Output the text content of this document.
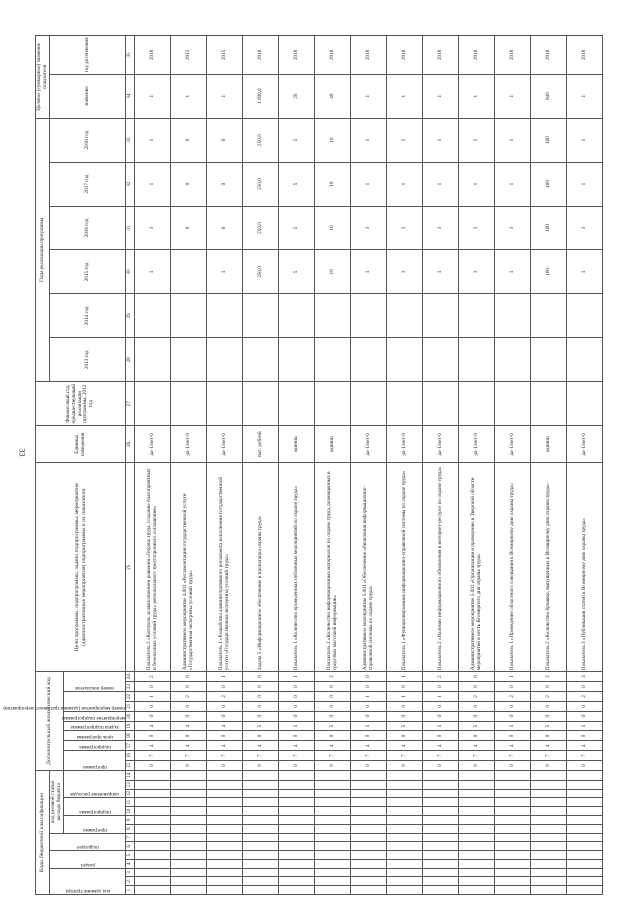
33
Коды бюджетной классификации														Дополнительный аналитический код										Цели программы, подпрограммы, задачи подпрограммы, мероприятия (административные мероприятия) подпрограммы и их показатели	Единица измерения	Финансовый год, предшествующий реализации программы, 2012 год	Годы реализации программы						Целевое (суммарное) значение показателя	

код администратора			раздел		подраздел		код целевой статьи расхода бюджета																				2013 год	2014 год	2015 год	2016 год	2017 год	2018 год	значение	год достижения

							программа		подпрограмма		направление расходов			программа		подпрограмма	цель программы	задача подпрограммы	мероприятие подпрограммы	номер мероприятия (административного мероприятия)		номер показателя												

1	2	3	4	5	6	7	8	9	10	11	12	13	14	15	16	17	18	19	20	21	22	23	24	25	26	27	28	29	30	31	32	33	34	35
														0	7	4	0	4	0	0	1	0	2	Показатель 2 «Контроль за выполнением решения «Охрана труда, создание благоприятных и безопасных условий труда» регионального трехстороннего соглашения»	да-1/нет-0				1	1	1	1	1	2018
														0	7	4	0	4	0	0	2	0	0	Административное мероприятие 4.002 «Регламентация государственной услуги «Государственная экспертиза условий труда»	да-1/нет-0					0	0	0	1	2015
														0	7	4	0	4	0	0	2	0	1	Показатель 1 «Разработка административного регламента исполнения государственной услуги «Государственная экспертиза условий труда»	да-1/нет-0				1	0	0	0	1	2015
														0	7	4	0	5	0	0	0	0	0	Задача 5 «Информационное обеспечение и пропаганда охраны труда»	тыс. рублей				250,0	250,0	250,0	250,0	1 000,0	2018
														0	7	4	0	5	0	0	0	0	1	Показатель 1 «Количество проведенных публичных мероприятий по охране труда»	единиц				5	5	5	5	20	2018
														0	7	4	0	5	0	0	0	0	2	Показатель 2 «Количество информационных материалов по охране труда, размещенных в средствах массовой информации»	единиц				10	10	10	10	40	2018
														0	7	4	0	5	0	0	1	0	0	Административное мероприятие 5.001 «Обеспечение обновления информационно-справочной системы по охране труда»	да-1/нет-0				1	1	1	1	1	2018
														0	7	4	0	5	0	0	1	0	1	Показатель 1 «Функционирование информационно-справочной системы по охране труда»	да-1/нет-0				1	1	1	1	1	2018
														0	7	4	0	5	0	0	1	0	2	Показатель 2 «Наличие информационного обновления в интернет-ресурсе по охране труда»	да-1/нет-0				1	1	1	1	1	2018
														0	7	4	0	5	0	0	2	0	0	Административное мероприятие 5.002 «Организация и проведение в Тверской области мероприятий в честь Всемирного дня охраны труда»	да-1/нет-0				1	1	1	1	1	2018
														0	7	4	0	5	0	0	2	0	1	Показатель 1 «Проведение областного совещания к Всемирному дню охраны труда»	да-1/нет-0				1	1	1	1	1	2018
														0	7	4	0	5	0	0	2	0	2	Показатель 2 «Количество брошюр, выпущенных к Всемирному дню охраны труда»	единиц				160	160	160	160	640	2018
														0	7	4	0	5	0	0	2	0	3	Показатель 3 «Публикация статей к Всемирному дню охраны труда»	да-1/нет-0				1	1	1	1	1	2018
